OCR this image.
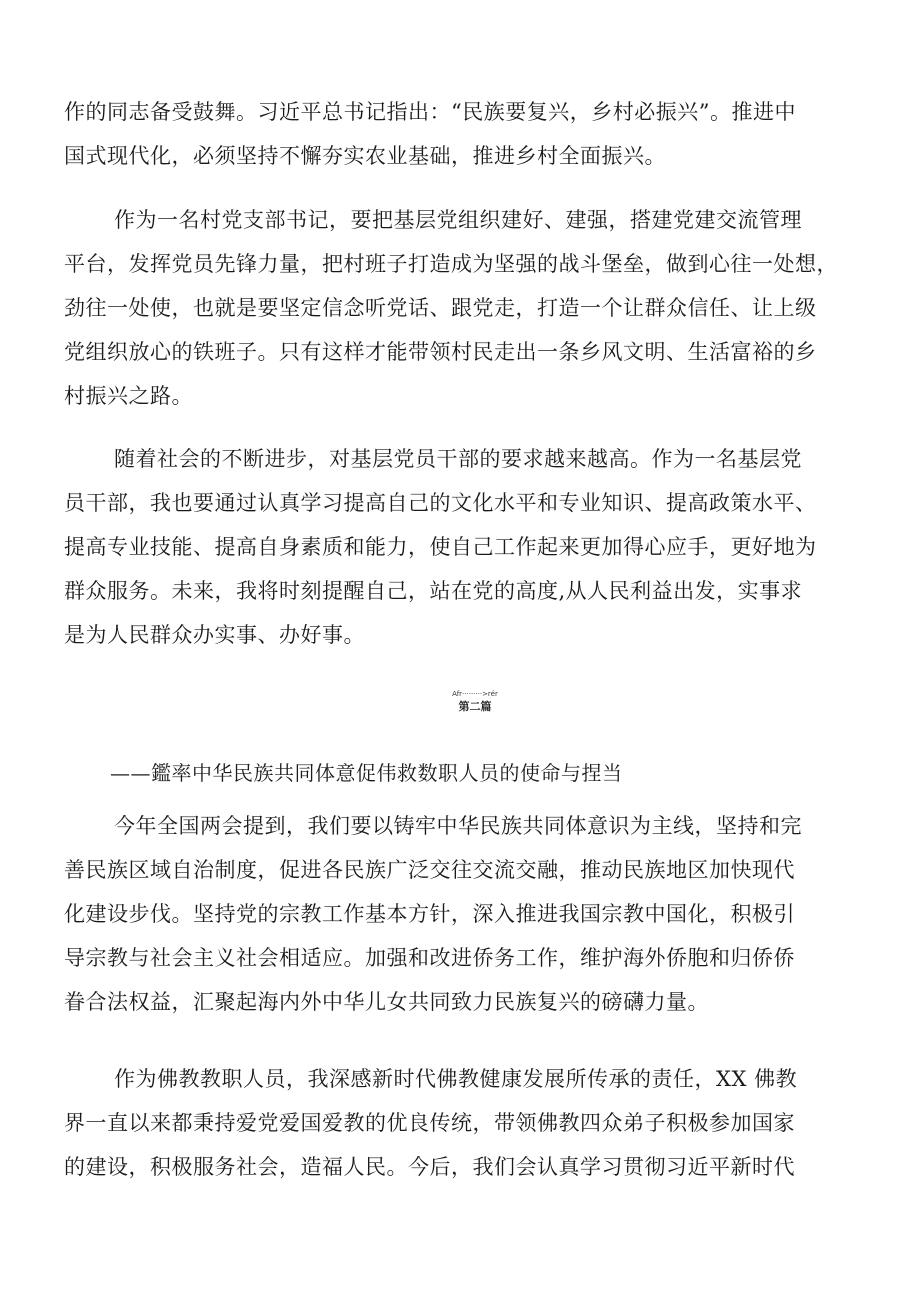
作的同志备受鼓舞。习近平总书记指出：“民族要复兴，乡村必振兴”。推进中
国式现代化，必须坚持不懈夯实农业基础，推进乡村全面振兴。
作为一名村党支部书记，要把基层党组织建好、建强，搭建党建交流管理
平台，发挥党员先锋力量，把村班子打造成为坚强的战斗堡垒，做到心往一处想，
劲往一处使，也就是要坚定信念听党话、跟党走，打造一个让群众信任、让上级
党组织放心的铁班子。只有这样才能带领村民走出一条乡风文明、生活富裕的乡
村振兴之路。
随着社会的不断进步，对基层党员干部的要求越来越高。作为一名基层党
员干部，我也要通过认真学习提高自己的文化水平和专业知识、提高政策水平、
提高专业技能、提高自身素质和能力，使自己工作起来更加得心应手，更好地为
群众服务。未来，我将时刻提醒自己，站在党的高度,从人民利益出发，实事求
是为人民群众办实事、办好事。
Afr·········>rér
第二篇
——鑑率中华民族共同体意促伟救数职人员的使命与捏当
今年全国两会提到，我们要以铸牢中华民族共同体意识为主线，坚持和完
善民族区域自治制度，促进各民族广泛交往交流交融，推动民族地区加快现代
化建设步伐。坚持党的宗教工作基本方针，深入推进我国宗教中国化，积极引
导宗教与社会主义社会相适应。加强和改进侨务工作，维护海外侨胞和归侨侨
眷合法权益，汇聚起海内外中华儿女共同致力民族复兴的磅礴力量。
作为佛教教职人员，我深感新时代佛教健康发展所传承的责任，XX 佛教
界一直以来都秉持爱党爱国爱教的优良传统，带领佛教四众弟子积极参加国家
的建设，积极服务社会，造福人民。今后，我们会认真学习贯彻习近平新时代
